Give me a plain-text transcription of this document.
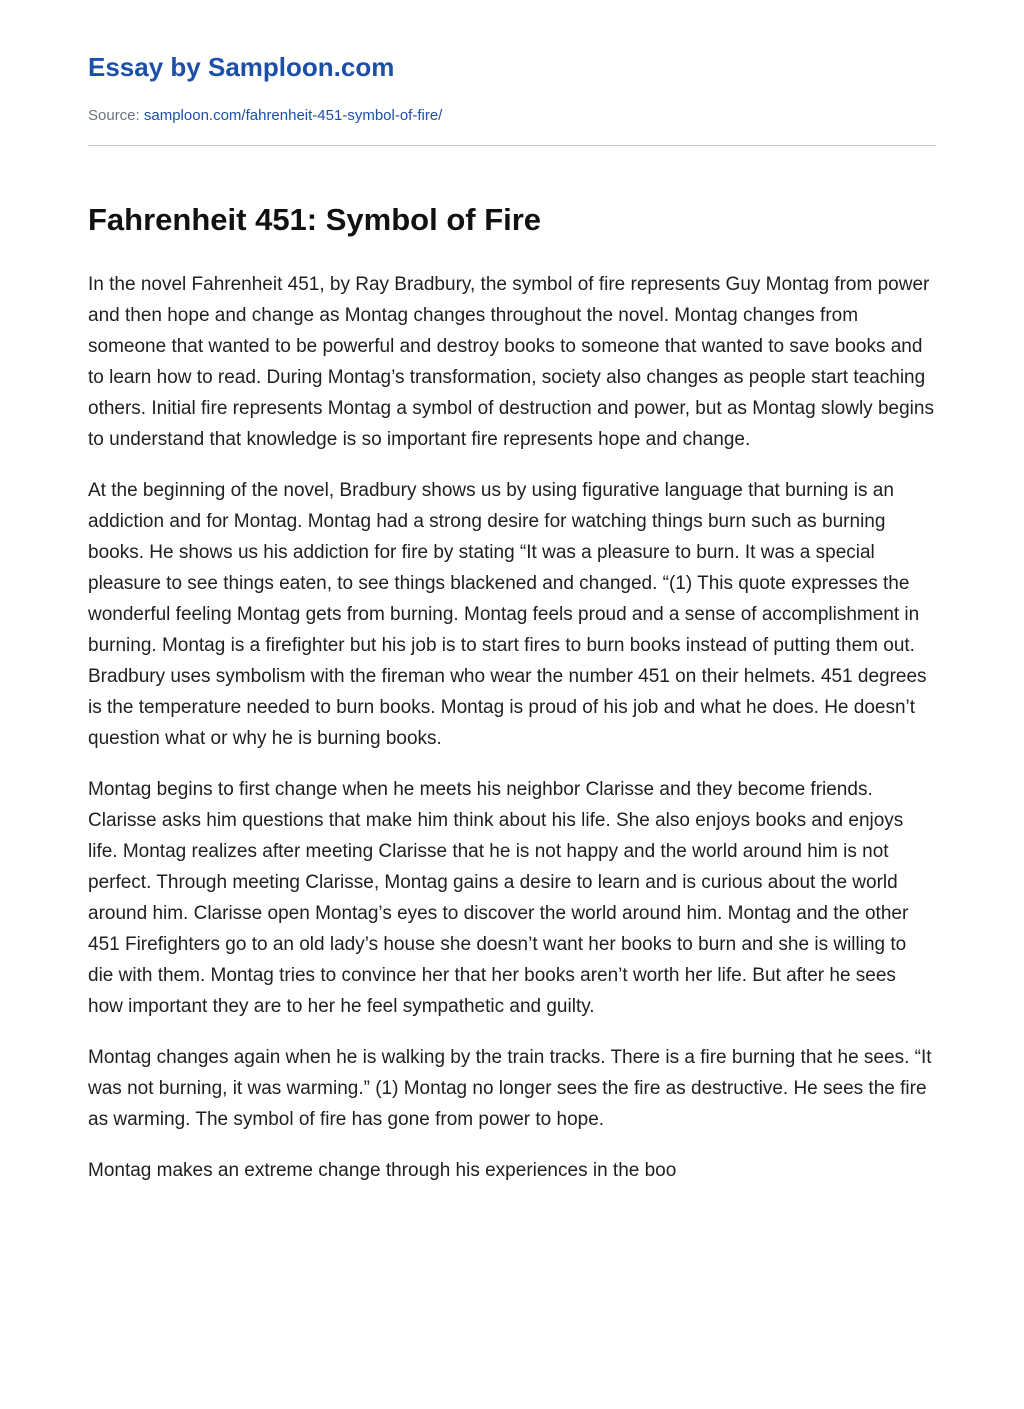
Essay by Samploon.com
Source: samploon.com/fahrenheit-451-symbol-of-fire/
Fahrenheit 451: Symbol of Fire

In the novel Fahrenheit 451, by Ray Bradbury, the symbol of fire represents Guy Montag from power and then hope and change as Montag changes throughout the novel. Montag changes from someone that wanted to be powerful and destroy books to someone that wanted to save books and to learn how to read. During Montag’s transformation, society also changes as people start teaching others. Initial fire represents Montag a symbol of destruction and power, but as Montag slowly begins to understand that knowledge is so important fire represents hope and change.

At the beginning of the novel, Bradbury shows us by using figurative language that burning is an addiction and for Montag. Montag had a strong desire for watching things burn such as burning books. He shows us his addiction for fire by stating “It was a pleasure to burn. It was a special pleasure to see things eaten, to see things blackened and changed. “(1) This quote expresses the wonderful feeling Montag gets from burning. Montag feels proud and a sense of accomplishment in burning. Montag is a firefighter but his job is to start fires to burn books instead of putting them out. Bradbury uses symbolism with the fireman who wear the number 451 on their helmets. 451 degrees is the temperature needed to burn books. Montag is proud of his job and what he does. He doesn’t question what or why he is burning books.

Montag begins to first change when he meets his neighbor Clarisse and they become friends. Clarisse asks him questions that make him think about his life. She also enjoys books and enjoys life. Montag realizes after meeting Clarisse that he is not happy and the world around him is not perfect. Through meeting Clarisse, Montag gains a desire to learn and is curious about the world around him. Clarisse open Montag’s eyes to discover the world around him. Montag and the other 451 Firefighters go to an old lady’s house she doesn’t want her books to burn and she is willing to die with them. Montag tries to convince her that her books aren’t worth her life. But after he sees how important they are to her he feel sympathetic and guilty.

Montag changes again when he is walking by the train tracks. There is a fire burning that he sees. “It was not burning, it was warming.” (1) Montag no longer sees the fire as destructive. He sees the fire as warming. The symbol of fire has gone from power to hope.

Montag makes an extreme change through his experiences in the boo
